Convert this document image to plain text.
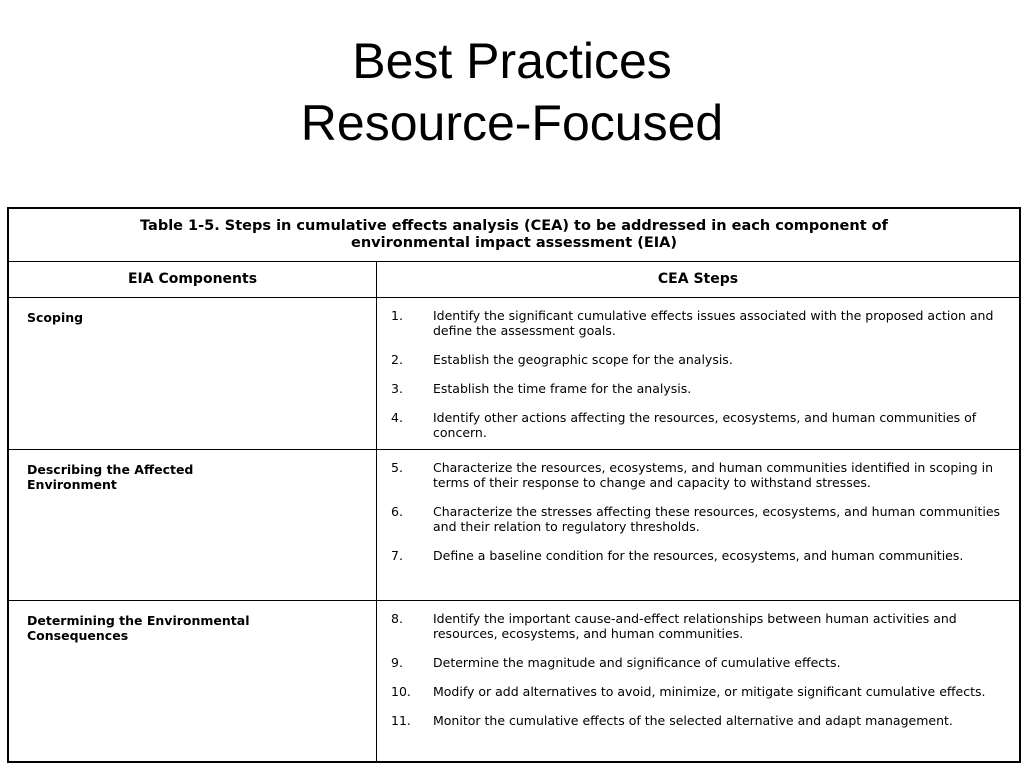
Best Practices
Resource-Focused
Table 1-5. Steps in cumulative effects analysis (CEA) to be addressed in each component of
environmental impact assessment (EIA)
EIA Components	CEA Steps
Scoping	1.	Identify the significant cumulative effects issues associated with the proposed action and define the assessment goals.
2.	Establish the geographic scope for the analysis.
3.	Establish the time frame for the analysis.
4.	Identify other actions affecting the resources, ecosystems, and human communities of concern.
Describing the Affected
Environment
5.	Characterize the resources, ecosystems, and human communities identified in scoping in terms of their response to change and capacity to withstand stresses.
6.	Characterize the stresses affecting these resources, ecosystems, and human communities and their relation to regulatory thresholds.
7.	Define a baseline condition for the resources, ecosystems, and human communities.
Determining the Environmental
Consequences
8.	Identify the important cause-and-effect relationships between human activities and resources, ecosystems, and human communities.
9.	Determine the magnitude and significance of cumulative effects.
10.	Modify or add alternatives to avoid, minimize, or mitigate significant cumulative effects.
11.	Monitor the cumulative effects of the selected alternative and adapt management.
